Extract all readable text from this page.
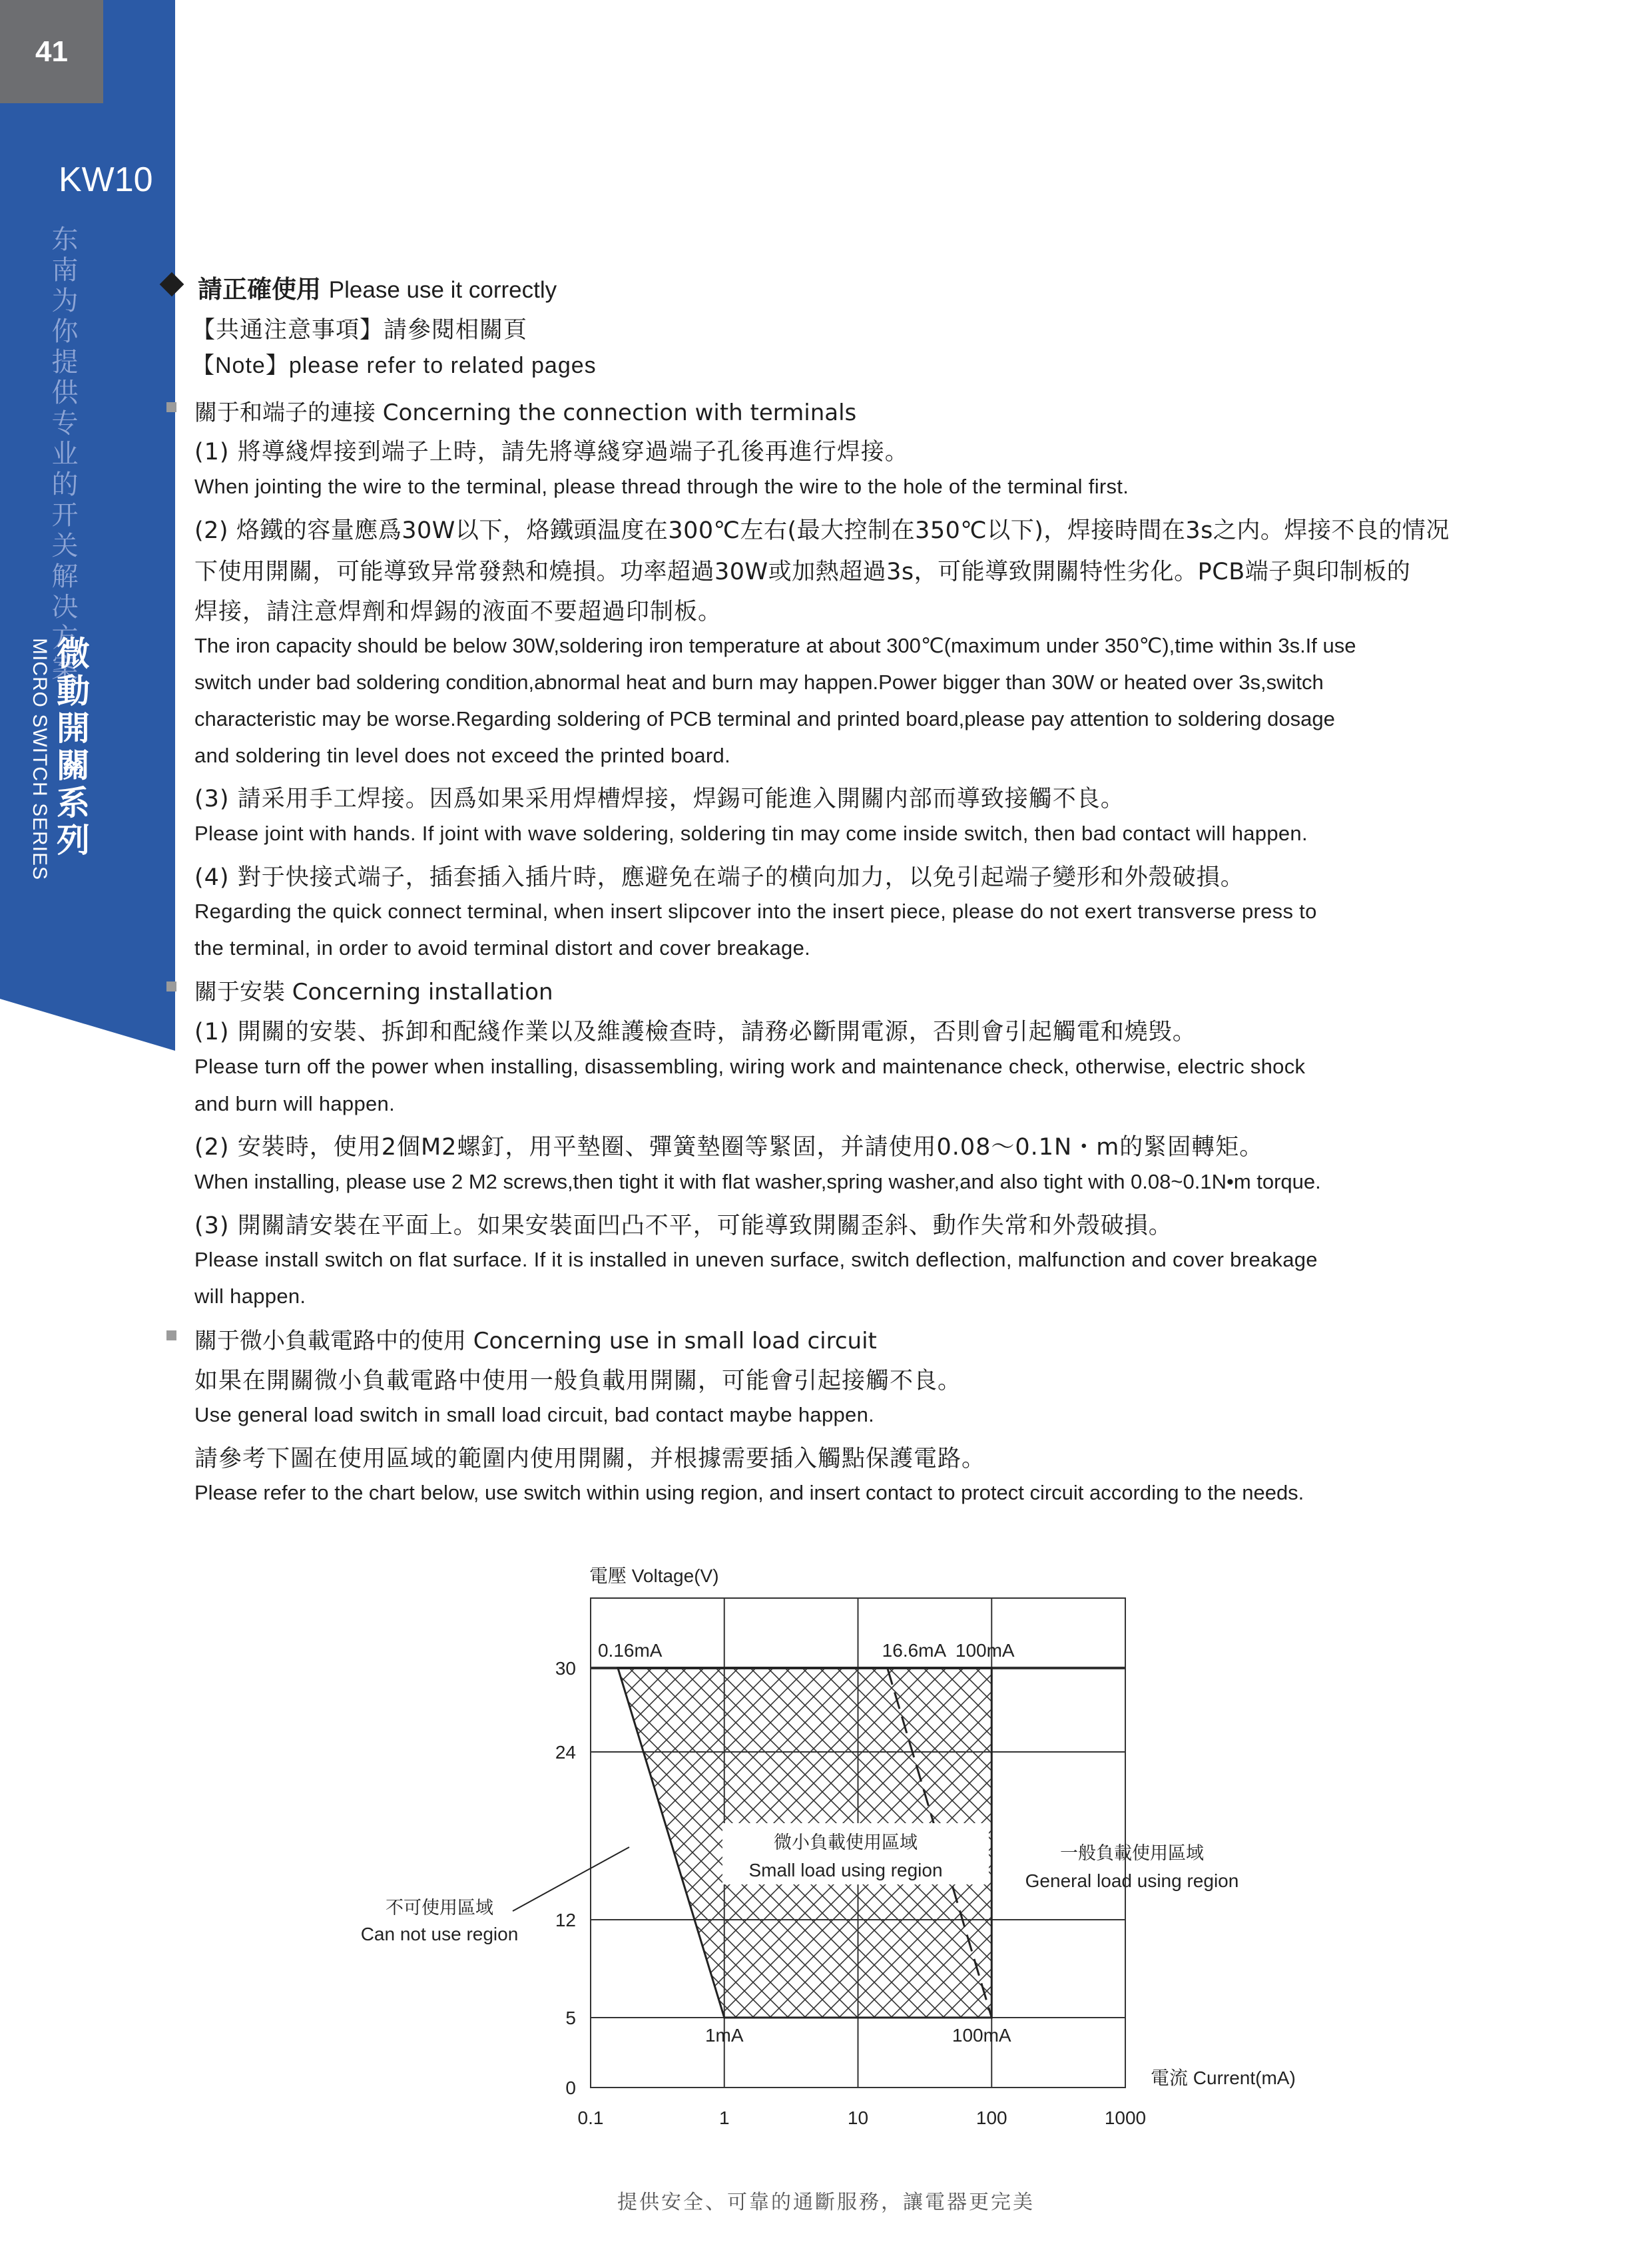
41
KW10
东南为你提供专业的开关解决方案
微動開關系列
MICRO SWITCH SERIES
請正確使用 Please use it correctly
【共通注意事項】請參閱相關頁
【Note】please refer to related pages
關于和端子的連接 Concerning the connection with terminals
(1) 將導綫焊接到端子上時，請先將導綫穿過端子孔後再進行焊接。
When jointing the wire to the terminal, please thread through the wire to the hole of the terminal first.
(2) 烙鐵的容量應爲30W以下，烙鐵頭温度在300℃左右(最大控制在350℃以下)，焊接時間在3s之内。焊接不良的情况
下使用開關，可能導致异常發熱和燒損。功率超過30W或加熱超過3s，可能導致開關特性劣化。PCB端子與印制板的
焊接，請注意焊劑和焊錫的液面不要超過印制板。
The iron capacity should be below 30W,soldering iron temperature at about 300℃(maximum under 350℃),time within 3s.If use
switch under bad soldering condition,abnormal heat and burn may happen.Power bigger than 30W or heated over 3s,switch
characteristic may be worse.Regarding soldering of PCB terminal and printed board,please pay attention to soldering dosage
and soldering tin level does not exceed the printed board.
(3) 請采用手工焊接。因爲如果采用焊槽焊接，焊錫可能進入開關内部而導致接觸不良。
Please joint with hands. If joint with wave soldering, soldering tin may come inside switch, then bad contact will happen.
(4) 對于快接式端子，插套插入插片時，應避免在端子的横向加力，以免引起端子變形和外殼破損。
Regarding the quick connect terminal, when insert slipcover into the insert piece, please do not exert transverse press to
the terminal, in order to avoid terminal distort and cover breakage.
關于安裝 Concerning installation
(1) 開關的安裝、拆卸和配綫作業以及維護檢查時，請務必斷開電源，否則會引起觸電和燒毁。
Please turn off the power when installing, disassembling, wiring work and maintenance check, otherwise, electric shock
and burn will happen.
(2) 安裝時，使用2個M2螺釘，用平墊圈、彈簧墊圈等緊固，并請使用0.08～0.1N・m的緊固轉矩。
When installing, please use 2 M2 screws,then tight it with flat washer,spring washer,and also tight with 0.08~0.1N•m torque.
(3) 開關請安裝在平面上。如果安裝面凹凸不平，可能導致開關歪斜、動作失常和外殼破損。
Please install switch on flat surface. If it is installed in uneven surface, switch deflection, malfunction and cover breakage
will happen.
關于微小負載電路中的使用 Concerning use in small load circuit
如果在開關微小負載電路中使用一般負載用開關，可能會引起接觸不良。
Use general load switch in small load circuit, bad contact maybe happen.
請參考下圖在使用區域的範圍内使用開關，并根據需要插入觸點保護電路。
Please refer to the chart below, use switch within using region, and insert contact to protect circuit according to the needs.
微小負載使用區域
Small load using region
一般負載使用區域
General load using region
不可使用區域
Can not use region
電壓 Voltage(V)
電流 Current(mA)
0.1	1	10	100	1000
0
5
12
24
30
0.16mA	16.6mA 100mA
1mA	100mA
提供安全、可靠的通斷服務，讓電器更完美
